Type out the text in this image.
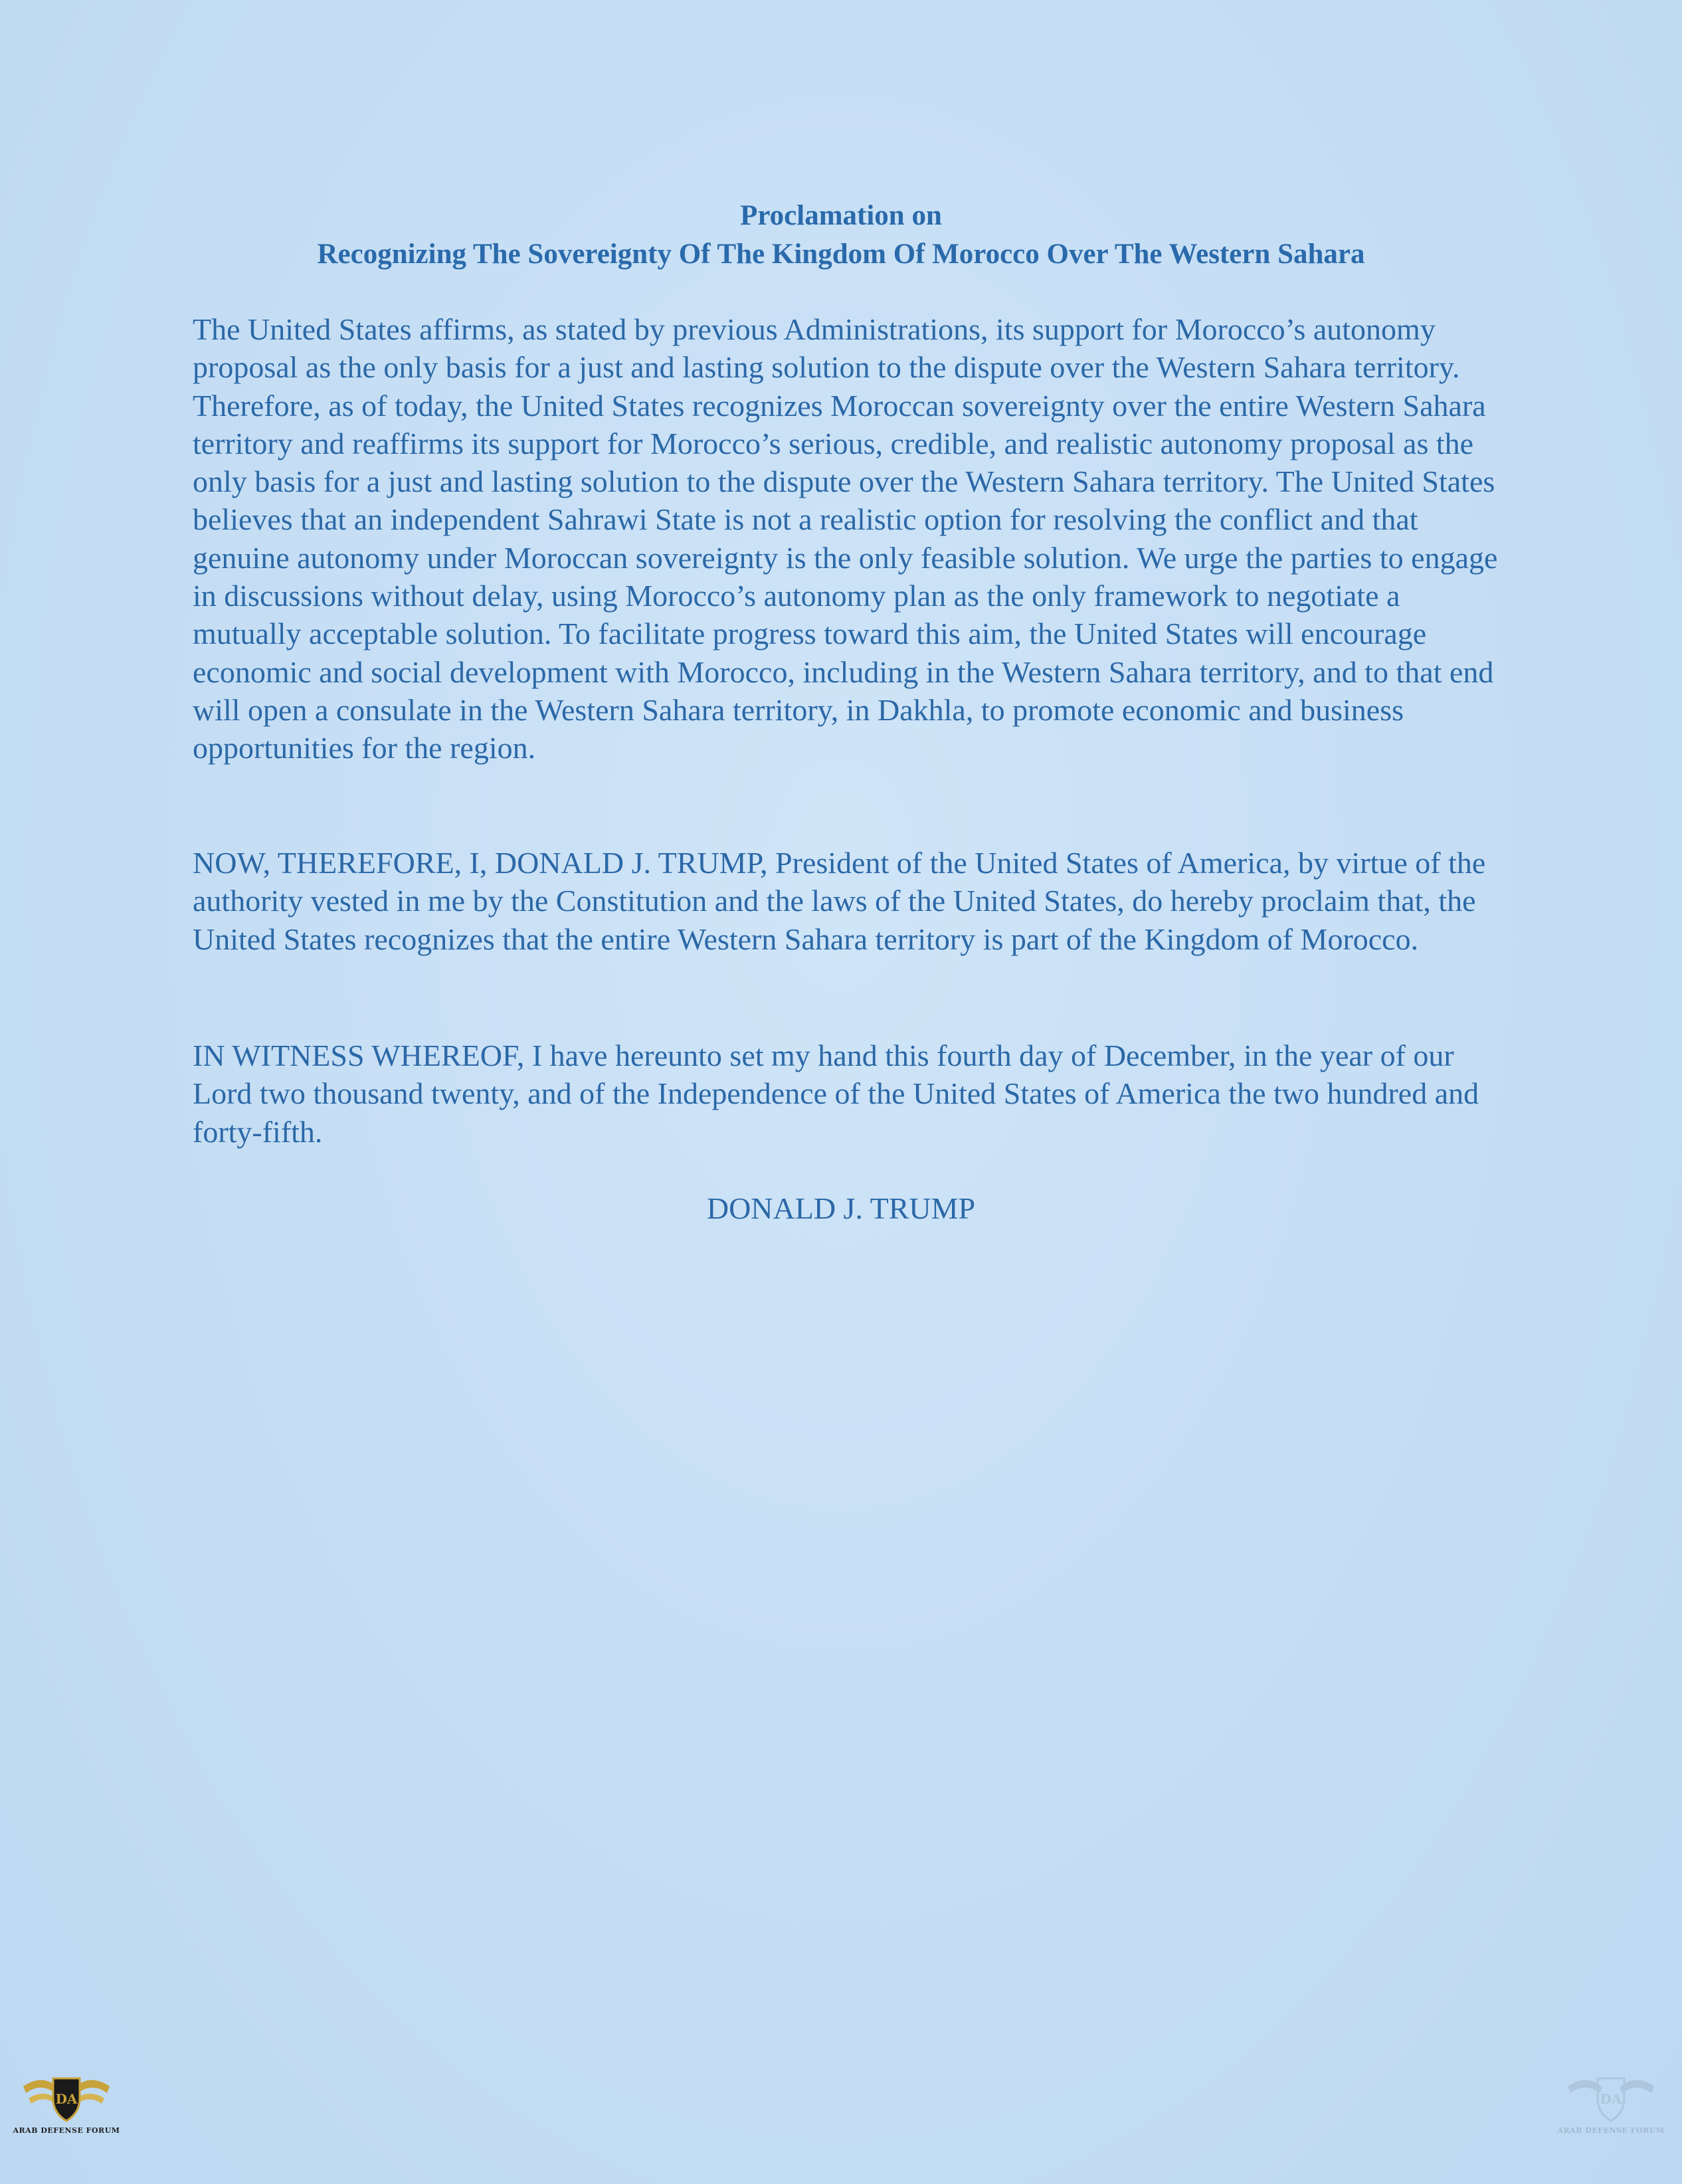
Proclamation on
Recognizing The Sovereignty Of The Kingdom Of Morocco Over The Western Sahara

The United States affirms, as stated by previous Administrations, its support for Morocco’s autonomy proposal as the only basis for a just and lasting solution to the dispute over the Western Sahara territory. Therefore, as of today, the United States recognizes Moroccan sovereignty over the entire Western Sahara territory and reaffirms its support for Morocco’s serious, credible, and realistic autonomy proposal as the only basis for a just and lasting solution to the dispute over the Western Sahara territory. The United States believes that an independent Sahrawi State is not a realistic option for resolving the conflict and that genuine autonomy under Moroccan sovereignty is the only feasible solution. We urge the parties to engage in discussions without delay, using Morocco’s autonomy plan as the only framework to negotiate a mutually acceptable solution. To facilitate progress toward this aim, the United States will encourage economic and social development with Morocco, including in the Western Sahara territory, and to that end will open a consulate in the Western Sahara territory, in Dakhla, to promote economic and business opportunities for the region.

NOW, THEREFORE, I, DONALD J. TRUMP, President of the United States of America, by virtue of the authority vested in me by the Constitution and the laws of the United States, do hereby proclaim that, the United States recognizes that the entire Western Sahara territory is part of the Kingdom of Morocco.

IN WITNESS WHEREOF, I have hereunto set my hand this fourth day of December, in the year of our Lord two thousand twenty, and of the Independence of the United States of America the two hundred and forty-fifth.

DONALD J. TRUMP
DA
ARAB DEFENSE FORUM
DA
ARAB DEFENSE FORUM
